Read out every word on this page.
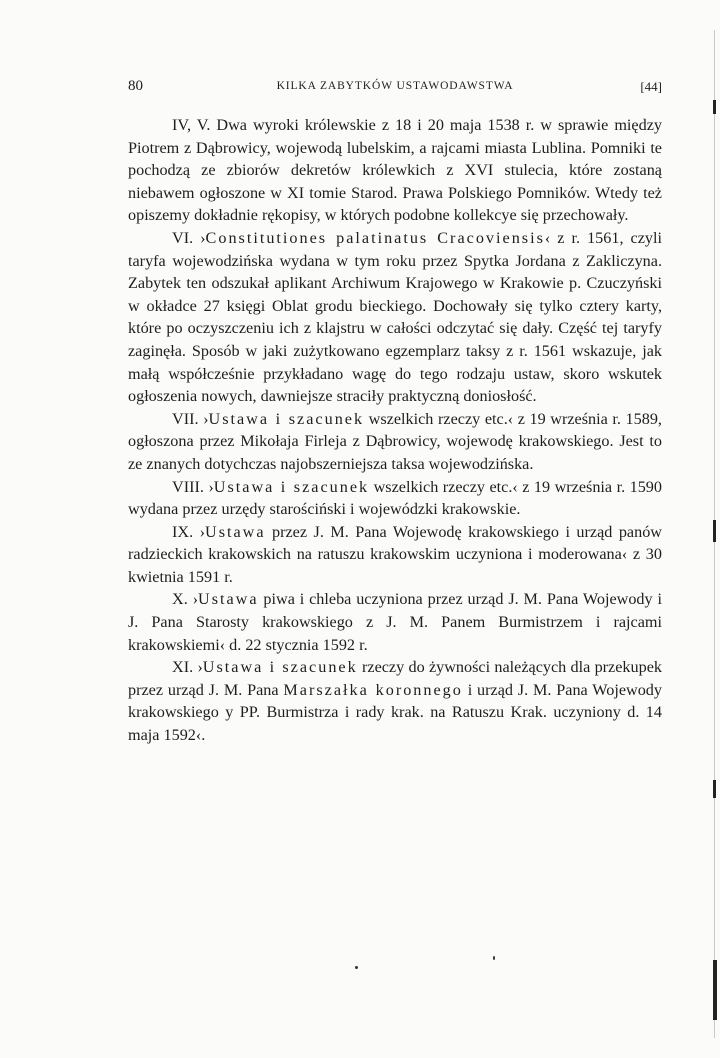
80	KILKA ZABYTKÓW USTAWODAWSTWA	[44]

IV, V. Dwa wyroki królewskie z 18 i 20 maja 1538 r. w sprawie między Piotrem z Dąbrowicy, wojewodą lubelskim, a rajcami miasta Lublina. Pomniki te pochodzą ze zbiorów dekretów królewkich z XVI stulecia, które zostaną niebawem ogłoszone w XI tomie Starod. Prawa Polskiego Pomników. Wtedy też opiszemy dokładnie rękopisy, w których podobne kollekcye się przechowały.

VI. ›Constitutiones palatinatus Cracoviensis‹ z r. 1561, czyli taryfa wojewodzińska wydana w tym roku przez Spytka Jordana z Zakliczyna. Zabytek ten odszukał aplikant Archiwum Krajowego w Krakowie p. Czuczyński w okładce 27 księgi Oblat grodu bieckiego. Dochowały się tylko cztery karty, które po oczyszczeniu ich z klajstru w całości odczytać się dały. Część tej taryfy zaginęła. Sposób w jaki zużytkowano egzemplarz taksy z r. 1561 wskazuje, jak małą współcześnie przykładano wagę do tego rodzaju ustaw, skoro wskutek ogłoszenia nowych, dawniejsze straciły praktyczną doniosłość.

VII. ›Ustawa i szacunek wszelkich rzeczy etc.‹ z 19 września r. 1589, ogłoszona przez Mikołaja Firleja z Dąbrowicy, wojewodę krakowskiego. Jest to ze znanych dotychczas najobszerniejsza taksa wojewodzińska.

VIII. ›Ustawa i szacunek wszelkich rzeczy etc.‹ z 19 września r. 1590 wydana przez urzędy starościński i wojewódzki krakowskie.

IX. ›Ustawa przez J. M. Pana Wojewodę krakowskiego i urząd panów radzieckich krakowskich na ratuszu krakowskim uczyniona i moderowana‹ z 30 kwietnia 1591 r.

X. ›Ustawa piwa i chleba uczyniona przez urząd J. M. Pana Wojewody i J. Pana Starosty krakowskiego z J. M. Panem Burmistrzem i rajcami krakowskiemi‹ d. 22 stycznia 1592 r.

XI. ›Ustawa i szacunek rzeczy do żywności należących dla przekupek przez urząd J. M. Pana Marszałka koronnego i urząd J. M. Pana Wojewody krakowskiego y PP. Burmistrza i rady krak. na Ratuszu Krak. uczyniony d. 14 maja 1592‹.
